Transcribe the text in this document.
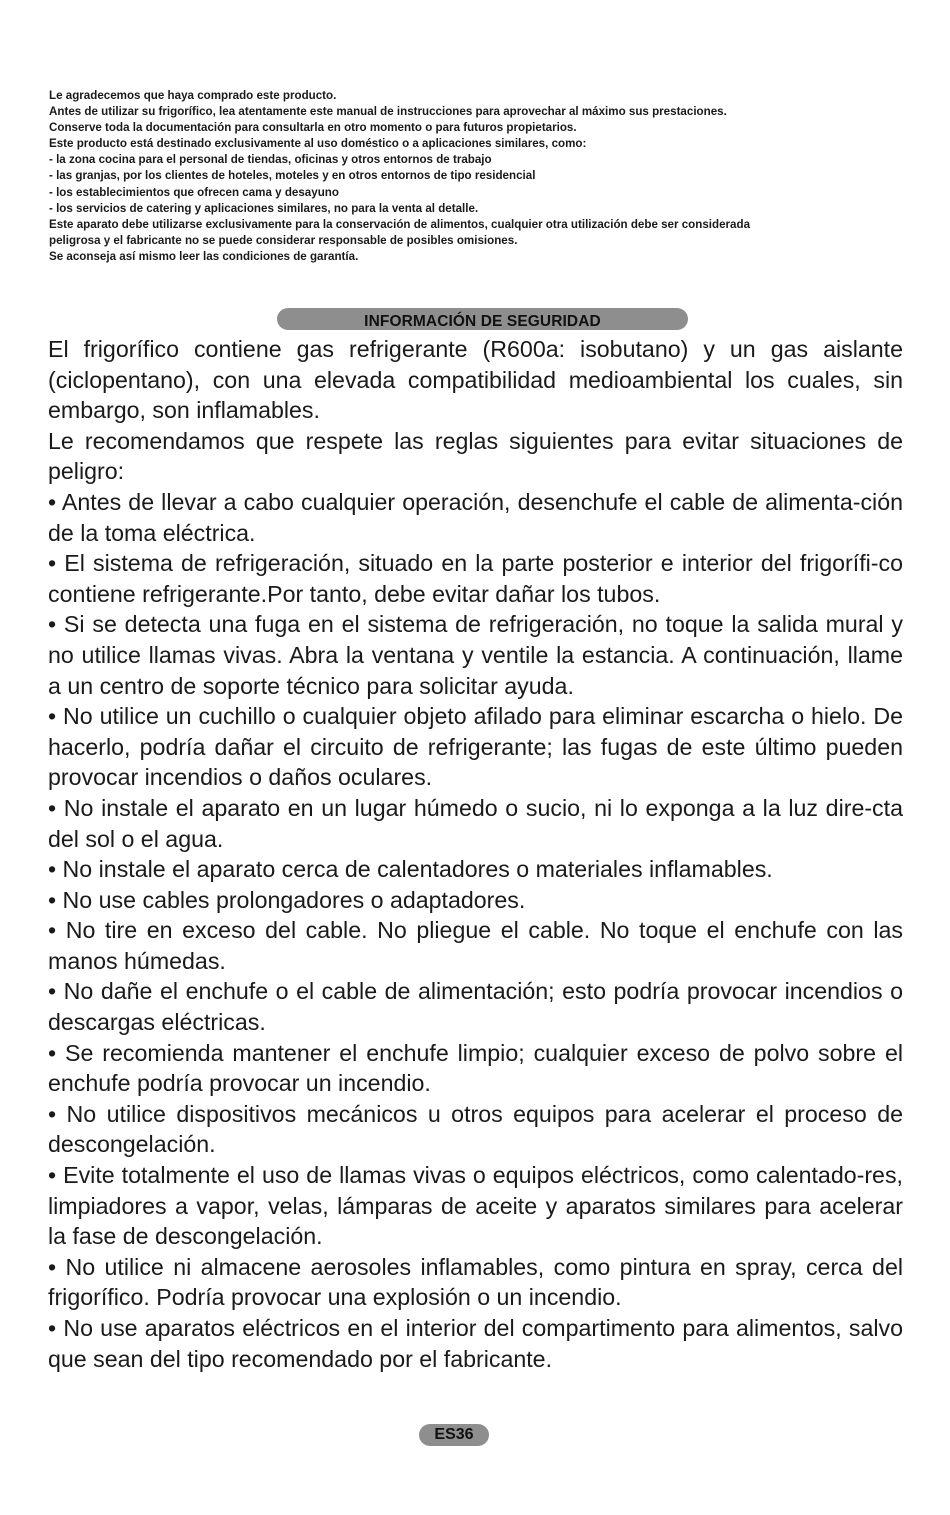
Le agradecemos que haya comprado este producto.

Antes de utilizar su frigorífico, lea atentamente este manual de instrucciones para aprovechar al máximo sus prestaciones.

Conserve toda la documentación para consultarla en otro momento o para futuros propietarios.

Este producto está destinado exclusivamente al uso doméstico o a aplicaciones similares, como:

- la zona cocina para el personal de tiendas, oficinas y otros entornos de trabajo

- las granjas, por los clientes de hoteles, moteles y en otros entornos de tipo residencial

- los establecimientos que ofrecen cama y desayuno

- los servicios de catering y aplicaciones similares, no para la venta al detalle.

Este aparato debe utilizarse exclusivamente para la conservación de alimentos, cualquier otra utilización debe ser considerada

peligrosa y el fabricante no se puede considerar responsable de posibles omisiones.

Se aconseja así mismo leer las condiciones de garantía.

INFORMACIÓN DE SEGURIDAD

El frigorífico contiene gas refrigerante (R600a: isobutano) y un gas aislante (ciclopentano), con una elevada compatibilidad medioambiental los cuales, sin embargo, son inflamables.

Le recomendamos que respete las reglas siguientes para evitar situaciones de peligro:

• Antes de llevar a cabo cualquier operación, desenchufe el cable de alimenta-ción de la toma eléctrica.

• El sistema de refrigeración, situado en la parte posterior e interior del frigorífi-co contiene refrigerante.Por tanto, debe evitar dañar los tubos.

• Si se detecta una fuga en el sistema de refrigeración, no toque la salida mural y no utilice llamas vivas. Abra la ventana y ventile la estancia. A continuación, llame a un centro de soporte técnico para solicitar ayuda.

• No utilice un cuchillo o cualquier objeto afilado para eliminar escarcha o hielo. De hacerlo, podría dañar el circuito de refrigerante; las fugas de este último pueden provocar incendios o daños oculares.

• No instale el aparato en un lugar húmedo o sucio, ni lo exponga a la luz dire-cta del sol o el agua.

• No instale el aparato cerca de calentadores o materiales inflamables.

• No use cables prolongadores o adaptadores.

• No tire en exceso del cable. No pliegue el cable. No toque el enchufe con las manos húmedas.

• No dañe el enchufe o el cable de alimentación; esto podría provocar incendios o descargas eléctricas.

• Se recomienda mantener el enchufe limpio; cualquier exceso de polvo sobre el enchufe podría provocar un incendio.

• No utilice dispositivos mecánicos u otros equipos para acelerar el proceso de descongelación.

• Evite totalmente el uso de llamas vivas o equipos eléctricos, como calentado-res, limpiadores a vapor, velas, lámparas de aceite y aparatos similares para acelerar la fase de descongelación.

• No utilice ni almacene aerosoles inflamables, como pintura en spray, cerca del frigorífico. Podría provocar una explosión o un incendio.

• No use aparatos eléctricos en el interior del compartimento para alimentos, salvo que sean del tipo recomendado por el fabricante.

ES36
